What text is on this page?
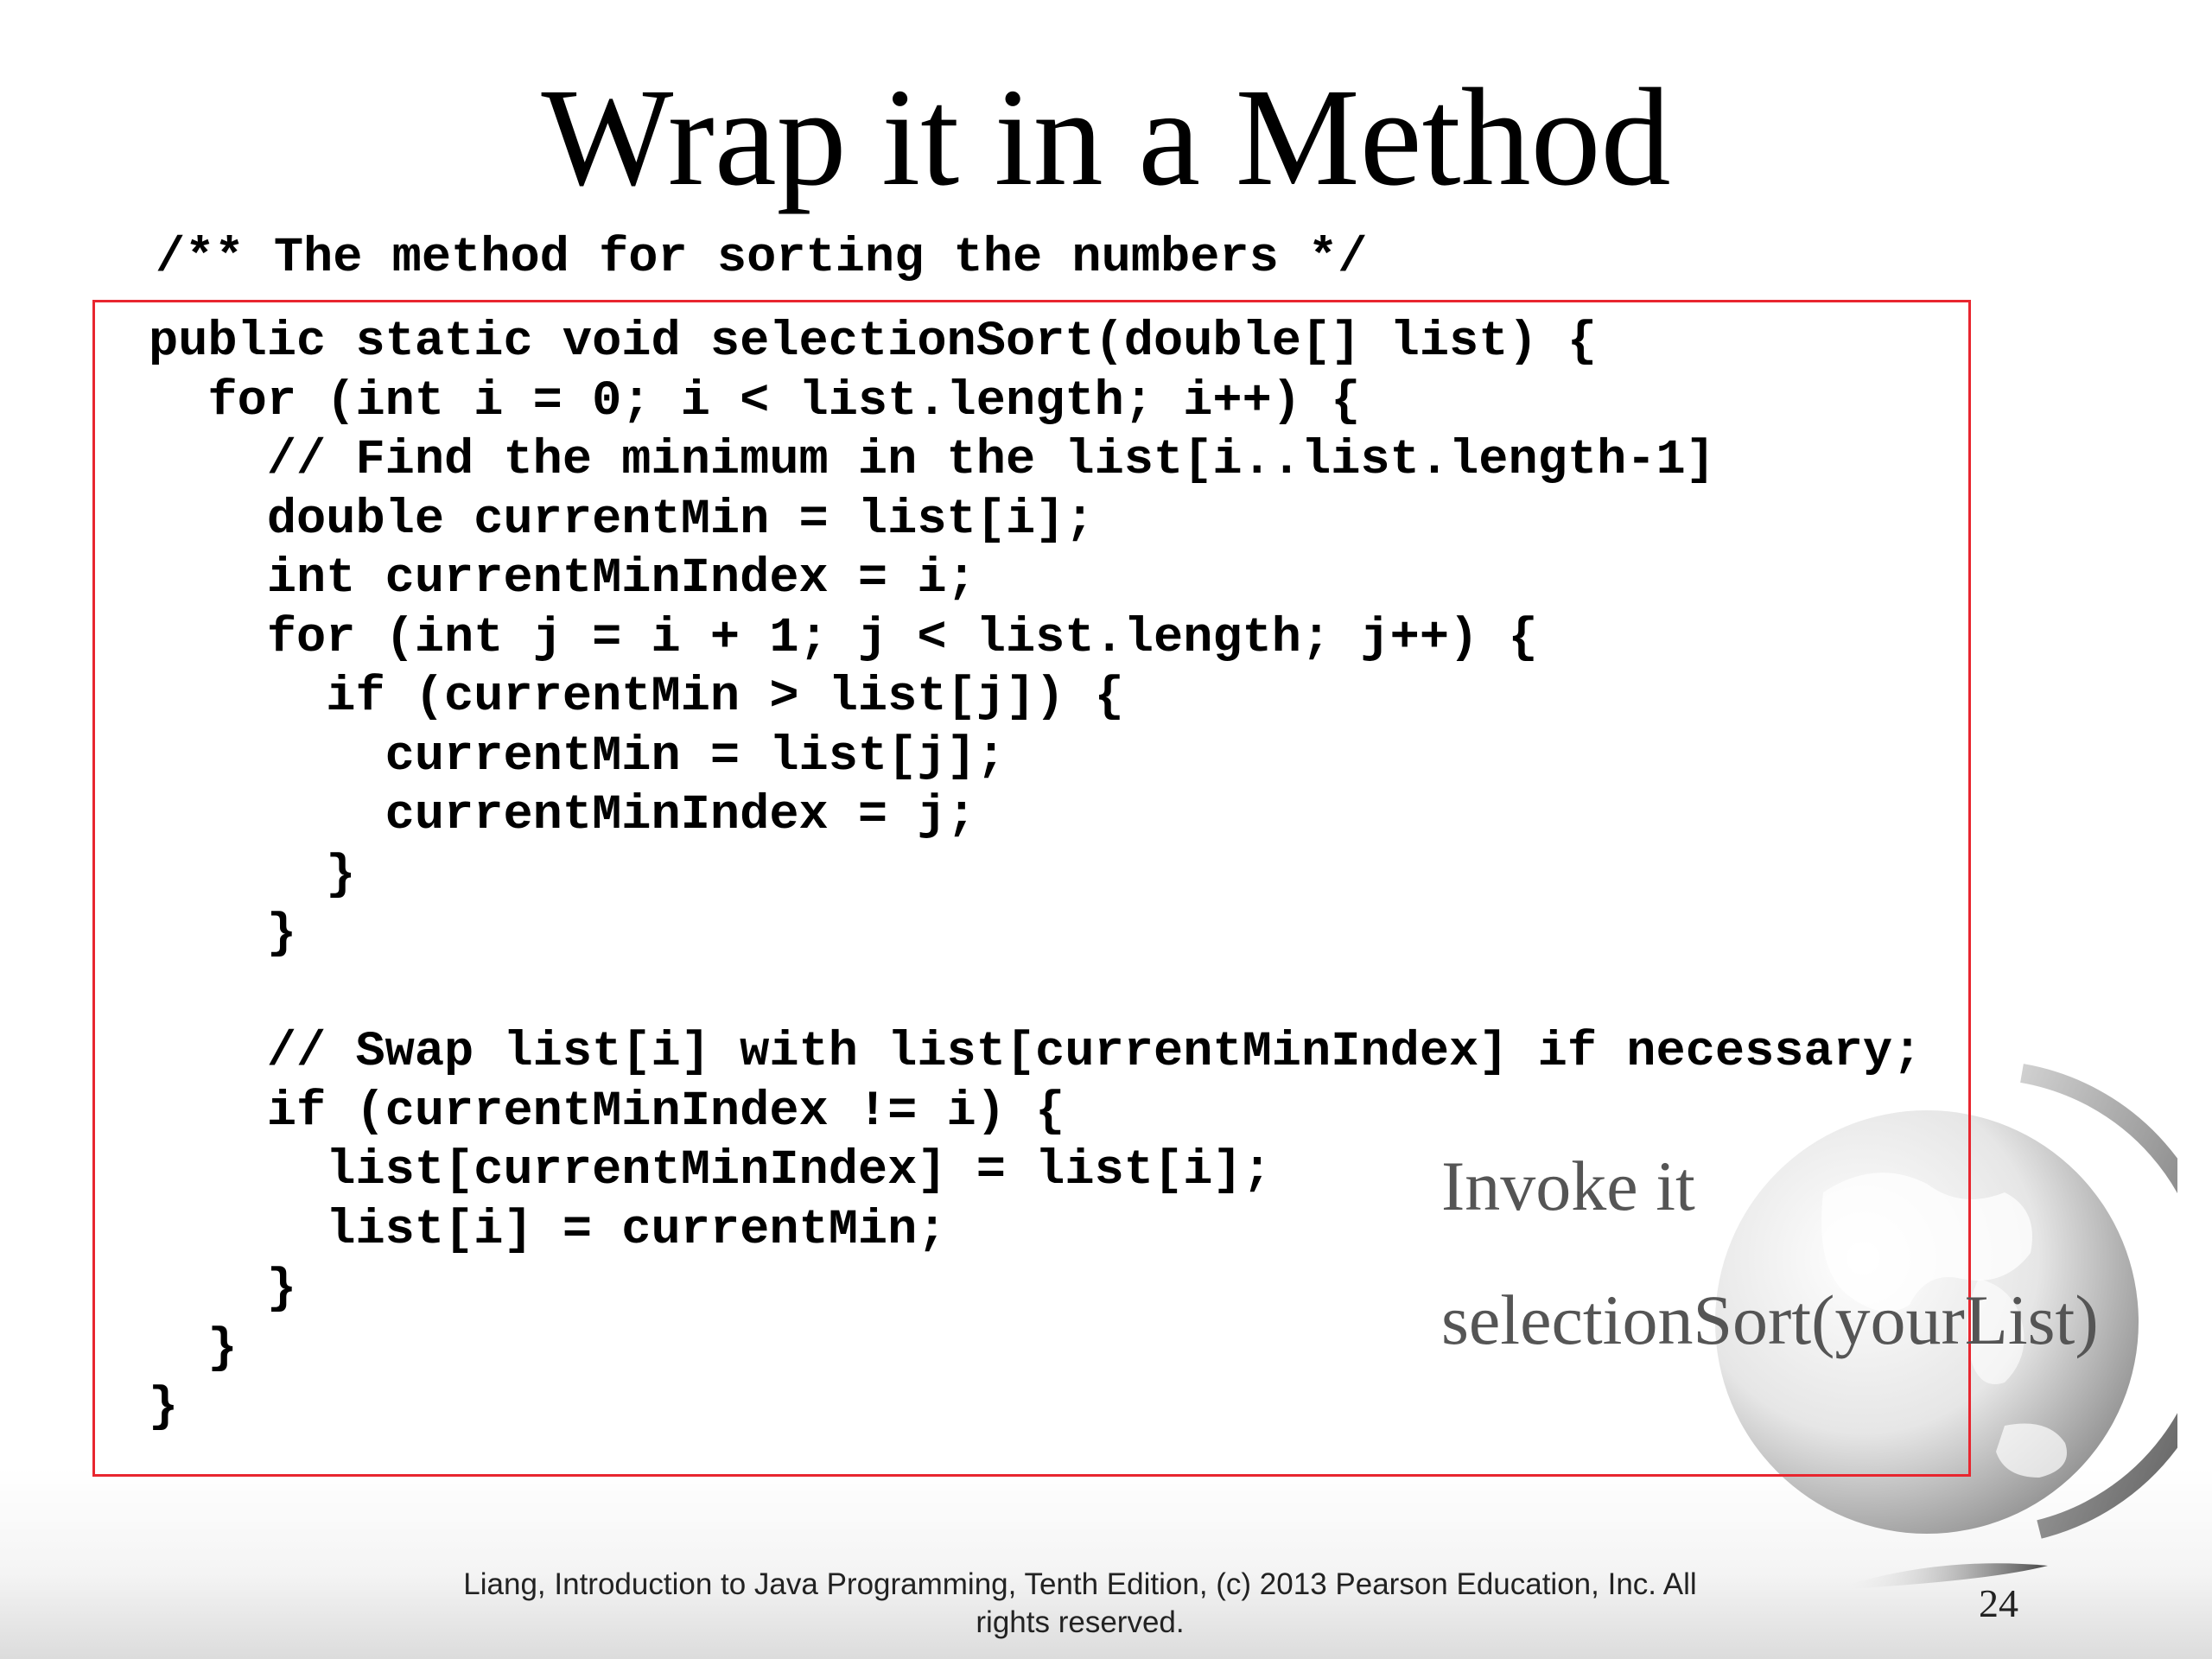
Wrap it in a Method
/** The method for sorting the numbers */
public static void selectionSort(double[] list) {
for (int i = 0; i < list.length; i++) {
// Find the minimum in the list[i..list.length-1]
double currentMin = list[i];
int currentMinIndex = i;
for (int j = i + 1; j < list.length; j++) {
if (currentMin > list[j]) {
currentMin = list[j];
currentMinIndex = j;
}
}
// Swap list[i] with list[currentMinIndex] if necessary;
if (currentMinIndex != i) {
list[currentMinIndex] = list[i];
list[i] = currentMin;
}
}
}
Invoke it
selectionSort(yourList)
Liang, Introduction to Java Programming, Tenth Edition, (c) 2013 Pearson Education, Inc. All rights reserved.	24
